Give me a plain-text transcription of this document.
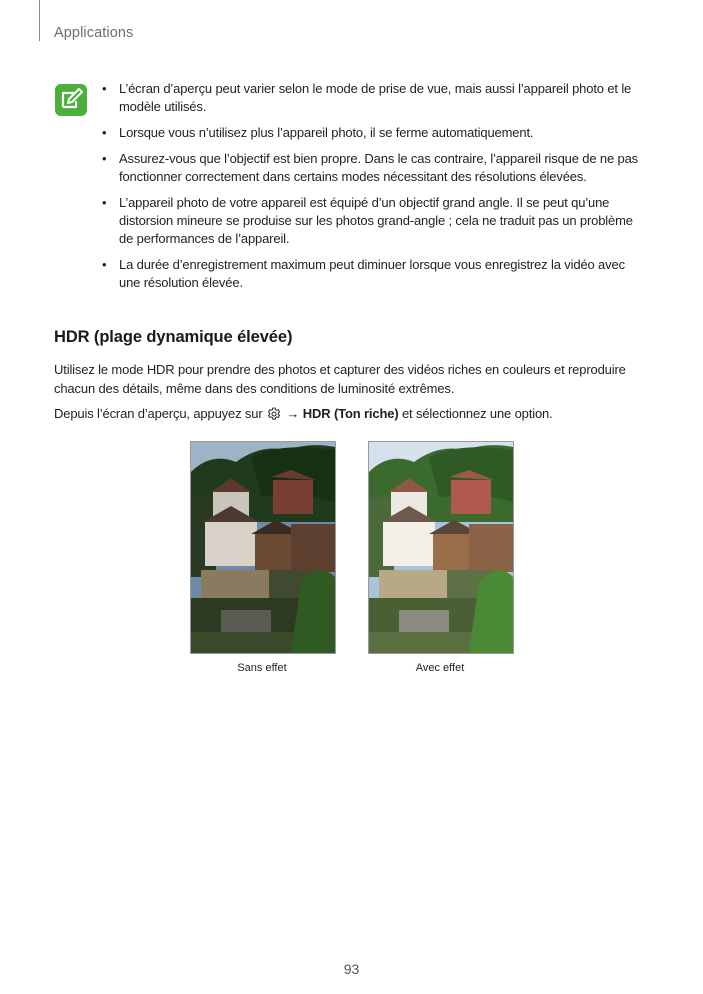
Applications
• L’écran d’aperçu peut varier selon le mode de prise de vue, mais aussi l’appareil photo et le modèle utilisés.
• Lorsque vous n’utilisez plus l’appareil photo, il se ferme automatiquement.
• Assurez-vous que l’objectif est bien propre. Dans le cas contraire, l’appareil risque de ne pas fonctionner correctement dans certains modes nécessitant des résolutions élevées.
• L’appareil photo de votre appareil est équipé d’un objectif grand angle. Il se peut qu’une distorsion mineure se produise sur les photos grand-angle ; cela ne traduit pas un problème de performances de l’appareil.
• La durée d’enregistrement maximum peut diminuer lorsque vous enregistrez la vidéo avec une résolution élevée.
HDR (plage dynamique élevée)

Utilisez le mode HDR pour prendre des photos et capturer des vidéos riches en couleurs et reproduire chacun des détails, même dans des conditions de luminosité extrêmes.

Depuis l’écran d’aperçu, appuyez sur → HDR (Ton riche) et sélectionnez une option.

Sans effet	Avec effet
93
